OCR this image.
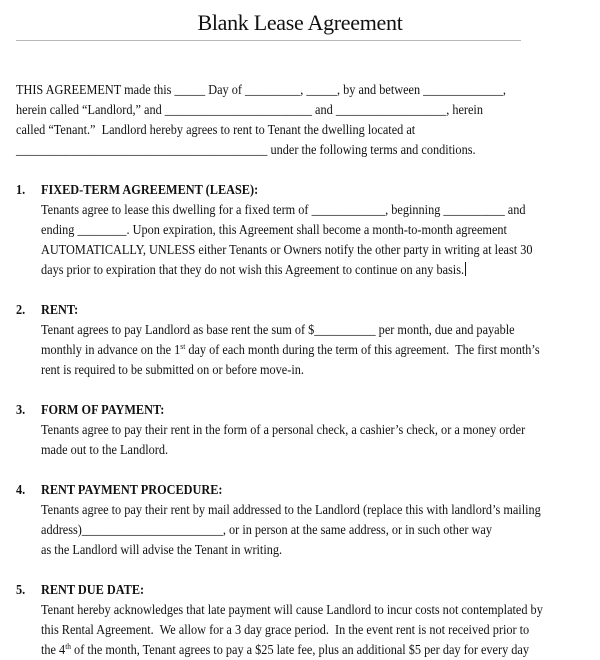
Blank Lease Agreement
THIS AGREEMENT made this _____ Day of _________, _____, by and between _____________,
herein called “Landlord,” and ________________________ and __________________, herein
called “Tenant.”  Landlord hereby agrees to rent to Tenant the dwelling located at
_________________________________________ under the following terms and conditions.
1. FIXED-TERM AGREEMENT (LEASE):
Tenants agree to lease this dwelling for a fixed term of ____________, beginning __________ and
ending ________. Upon expiration, this Agreement shall become a month-to-month agreement
AUTOMATICALLY, UNLESS either Tenants or Owners notify the other party in writing at least 30
days prior to expiration that they do not wish this Agreement to continue on any basis.
2. RENT:
Tenant agrees to pay Landlord as base rent the sum of $__________ per month, due and payable
monthly in advance on the 1st day of each month during the term of this agreement.  The first month’s
rent is required to be submitted on or before move-in.
3. FORM OF PAYMENT:
Tenants agree to pay their rent in the form of a personal check, a cashier’s check, or a money order
made out to the Landlord.
4. RENT PAYMENT PROCEDURE:
Tenants agree to pay their rent by mail addressed to the Landlord (replace this with landlord’s mailing
address)_______________________, or in person at the same address, or in such other way
as the Landlord will advise the Tenant in writing.
5. RENT DUE DATE:
Tenant hereby acknowledges that late payment will cause Landlord to incur costs not contemplated by
this Rental Agreement.  We allow for a 3 day grace period.  In the event rent is not received prior to
the 4th of the month, Tenant agrees to pay a $25 late fee, plus an additional $5 per day for every day
